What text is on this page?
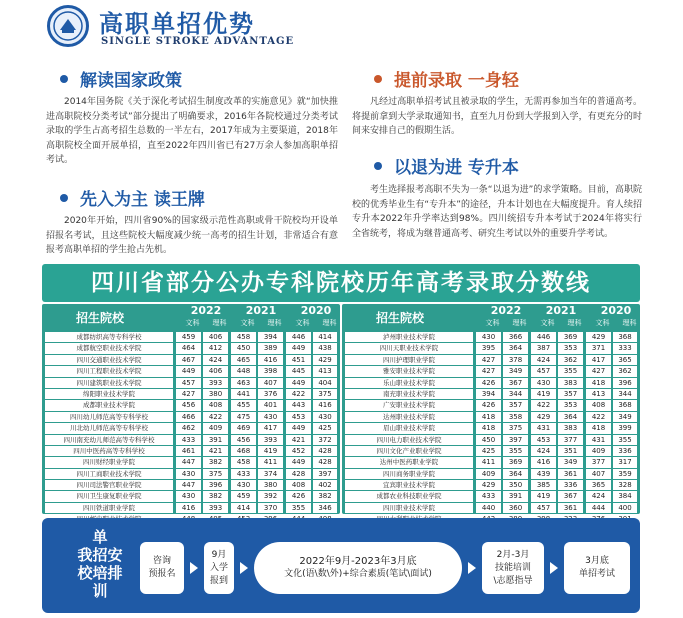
高职单招优势
SINGLE STROKE ADVANTAGE
解读国家政策
2014年国务院《关于深化考试招生制度改革的实施意见》就“加快推进高职院校分类考试”部分提出了明确要求，2016年各院校通过分类考试录取的学生占高考招生总数的一半左右，2017年成为主要渠道，2018年高职院校全面开展单招，直至2022年四川省已有27万余人参加高职单招考试。
先入为主 读王牌
2020年开始，四川省90%的国家级示范性高职或骨干院校均开设单招报名考试，且这些院校大幅度减少统一高考的招生计划，非常适合有意报考高职单招的学生抢占先机。
提前录取 一身轻
凡经过高职单招考试且被录取的学生，无需再参加当年的普通高考。将提前拿到大学录取通知书，直至九月份到大学报到入学，有更充分的时间来安排自己的假期生活。
以退为进 专升本
考生选择报考高职不失为一条“以退为进”的求学策略。目前，高职院校的优秀毕业生有“专升本”的途径，升本计划也在大幅度提升。育人续招专升本2022年升学率达到98%。四川统招专升本考试于2024年将实行全省统考，将成为继普通高考、研究生考试以外的重要升学考试。
四川省部分公办专科院校历年高考录取分数线
招生院校
2022	2021	2020
文科	理科	文科	理科	文科	理科
成都纺织高等专科学校	459	406	458	394	446	414
成都航空职业技术学院	464	412	450	389	449	438
四川交通职业技术学院	467	424	465	416	451	429
四川工程职业技术学院	449	406	448	398	445	413
四川建筑职业技术学院	457	393	463	407	449	404
绵阳职业技术学院	427	380	441	376	422	375
成都职业技术学院	456	408	455	401	443	416
四川幼儿师范高等专科学校	466	422	475	430	453	430
川北幼儿师范高等专科学校	462	409	469	417	449	425
四川南充幼儿师范高等专科学校	433	391	456	393	421	372
四川中医药高等专科学校	461	421	468	419	452	428
四川财经职业学院	447	382	458	411	449	428
四川工商职业技术学院	430	375	433	374	428	397
四川司法警官职业学院	447	396	430	380	408	402
四川卫生康复职业学院	430	382	459	392	426	382
四川铁道职业学院	416	393	414	370	355	346
招生院校
2022	2021	2020
文科	理科	文科	理科	文科	理科
泸州职业技术学院	430	366	446	369	429	368
四川天职业技术学院	395	364	387	353	371	333
四川护理职业学院	427	378	424	362	417	365
雅安职业技术学院	427	349	457	355	427	362
乐山职业技术学院	426	367	430	383	418	396
南充职业技术学院	394	344	419	357	413	344
广安职业技术学院	426	357	422	353	408	368
达州职业技术学院	418	358	429	364	422	349
眉山职业技术学院	418	375	431	383	418	399
四川电力职业技术学院	450	397	453	377	431	355
四川文化产业职业学院	425	355	424	351	409	336
达州中医药职业学院	411	369	416	349	377	317
四川商务职业学院	409	364	439	361	407	359
宜宾职业技术学院	429	350	385	336	365	328
成都农业科技职业学院	433	391	419	367	424	384
四川职业技术学院	440	360	457	361	444	400
单
我招安
校培排
训
咨询
预报名
9月
入学
报到
2022年9月-2023年3月底
文化(语\数\外)+综合素质(笔试\面试)
2月-3月
技能培训
\志愿指导
3月底
单招考试
